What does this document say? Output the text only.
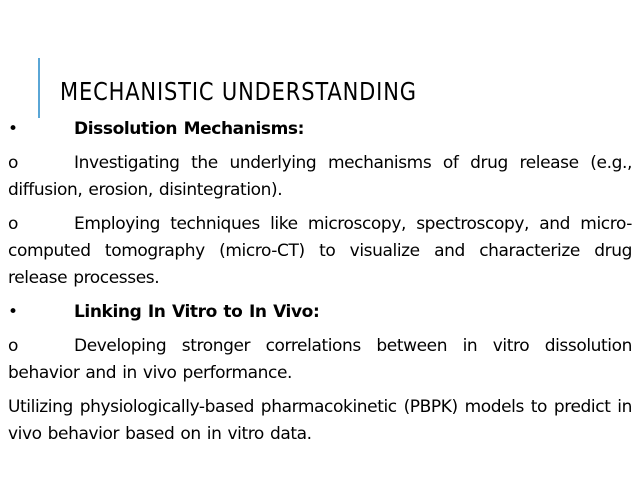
MECHANISTIC UNDERSTANDING

•	Dissolution Mechanisms:

o	Investigating the underlying mechanisms of drug release (e.g., diffusion, erosion, disintegration).

o	Employing techniques like microscopy, spectroscopy, and micro-computed tomography (micro-CT) to visualize and characterize drug release processes.

•	Linking In Vitro to In Vivo:

o	Developing stronger correlations between in vitro dissolution behavior and in vivo performance.

Utilizing physiologically-based pharmacokinetic (PBPK) models to predict in vivo behavior based on in vitro data.
